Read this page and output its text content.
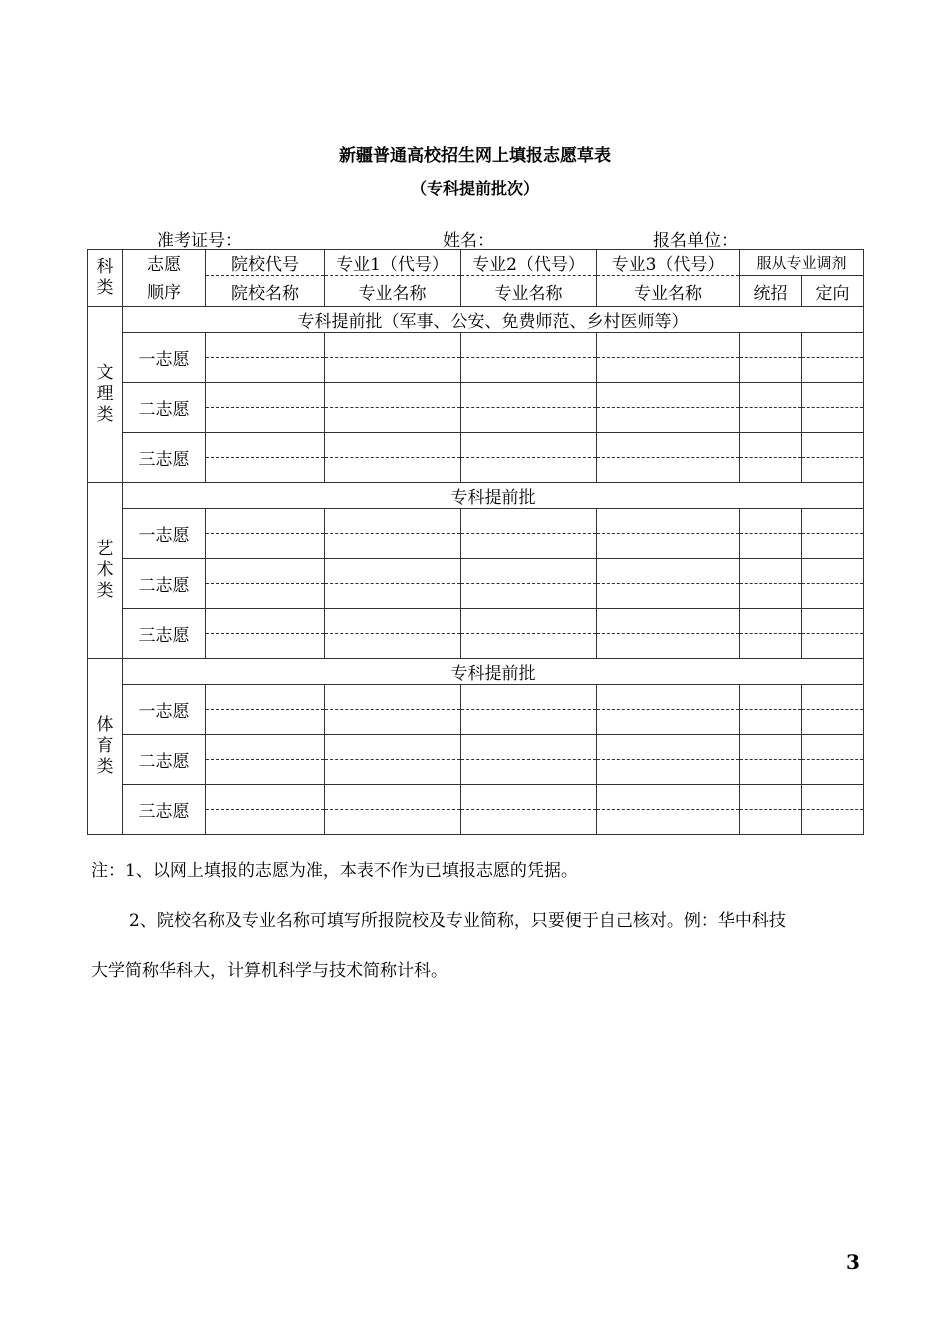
新疆普通高校招生网上填报志愿草表
（专科提前批次）
准考证号：	姓名：	报名单位：
科类	志愿	院校代号	专业1（代号）	专业2（代号）	专业3（代号）	服从专业调剂	
	顺序	院校名称	专业名称	专业名称	专业名称	统招	定向

文理类	专科提前批（军事、公安、免费师范、乡村医师等）						
	一志愿						

	二志愿						

	三志愿						

艺术类	专科提前批						
	一志愿						

	二志愿						

	三志愿						

体育类	专科提前批						
	一志愿						

	二志愿						

	三志愿						

注：1、以网上填报的志愿为准，本表不作为已填报志愿的凭据。
2、院校名称及专业名称可填写所报院校及专业简称，只要便于自己核对。例：华中科技
大学简称华科大，计算机科学与技术简称计科。
3
